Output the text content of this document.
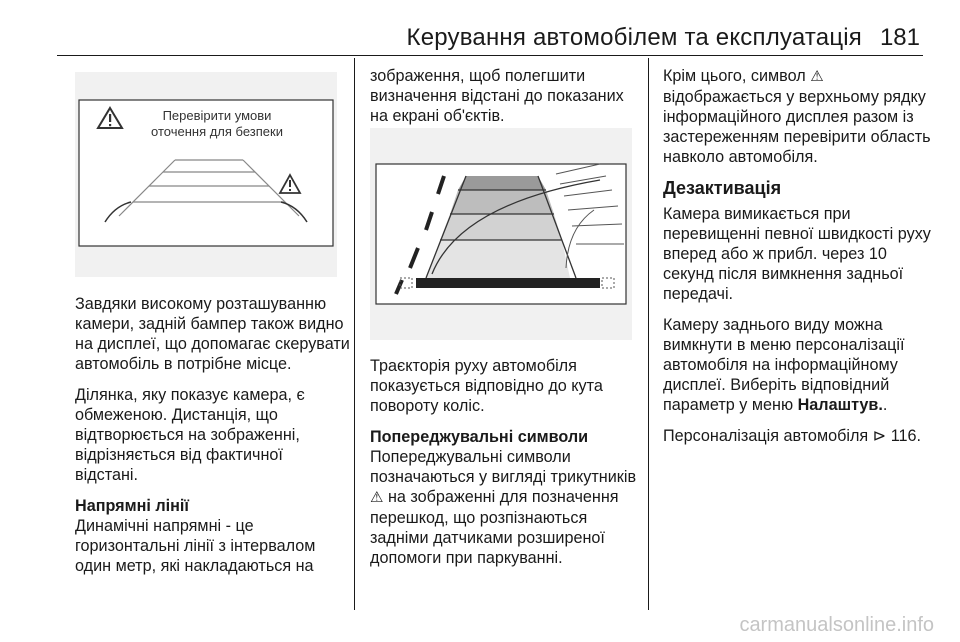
Керування автомобілем та експлуатація 181
Перевірити умови
оточення для безпеки

Завдяки високому розташуванню камери, задній бампер також видно на дисплеї, що допомагає скерувати автомобіль в потрібне місце.

Ділянка, яку показує камера, є обмеженою. Дистанція, що відтворюється на зображенні, відрізняється від фактичної відстані.

Напрямні лінії

Динамічні напрямні - це горизонтальні лінії з інтервалом один метр, які накладаються на

зображення, щоб полегшити визначення відстані до показаних на екрані об'єктів.

Траєкторія руху автомобіля показується відповідно до кута повороту коліс.

Попереджувальні символи

Попереджувальні символи позначаються у вигляді трикутників
⚠ на зображенні для позначення перешкод, що розпізнаються задніми датчиками розширеної допомоги при паркуванні.

Крім цього, символ ⚠
відображається у верхньому рядку інформаційного дисплея разом із застереженням перевірити область навколо автомобіля.

Дезактивація

Камера вимикається при перевищенні певної швидкості руху вперед або ж прибл. через 10 секунд після вимкнення задньої передачі.

Камеру заднього виду можна вимкнути в меню персоналізації автомобіля на інформаційному дисплеї. Виберіть відповідний параметр у меню Налаштув..

Персоналізація автомобіля ⊳ 116.

carmanualsonline.info
